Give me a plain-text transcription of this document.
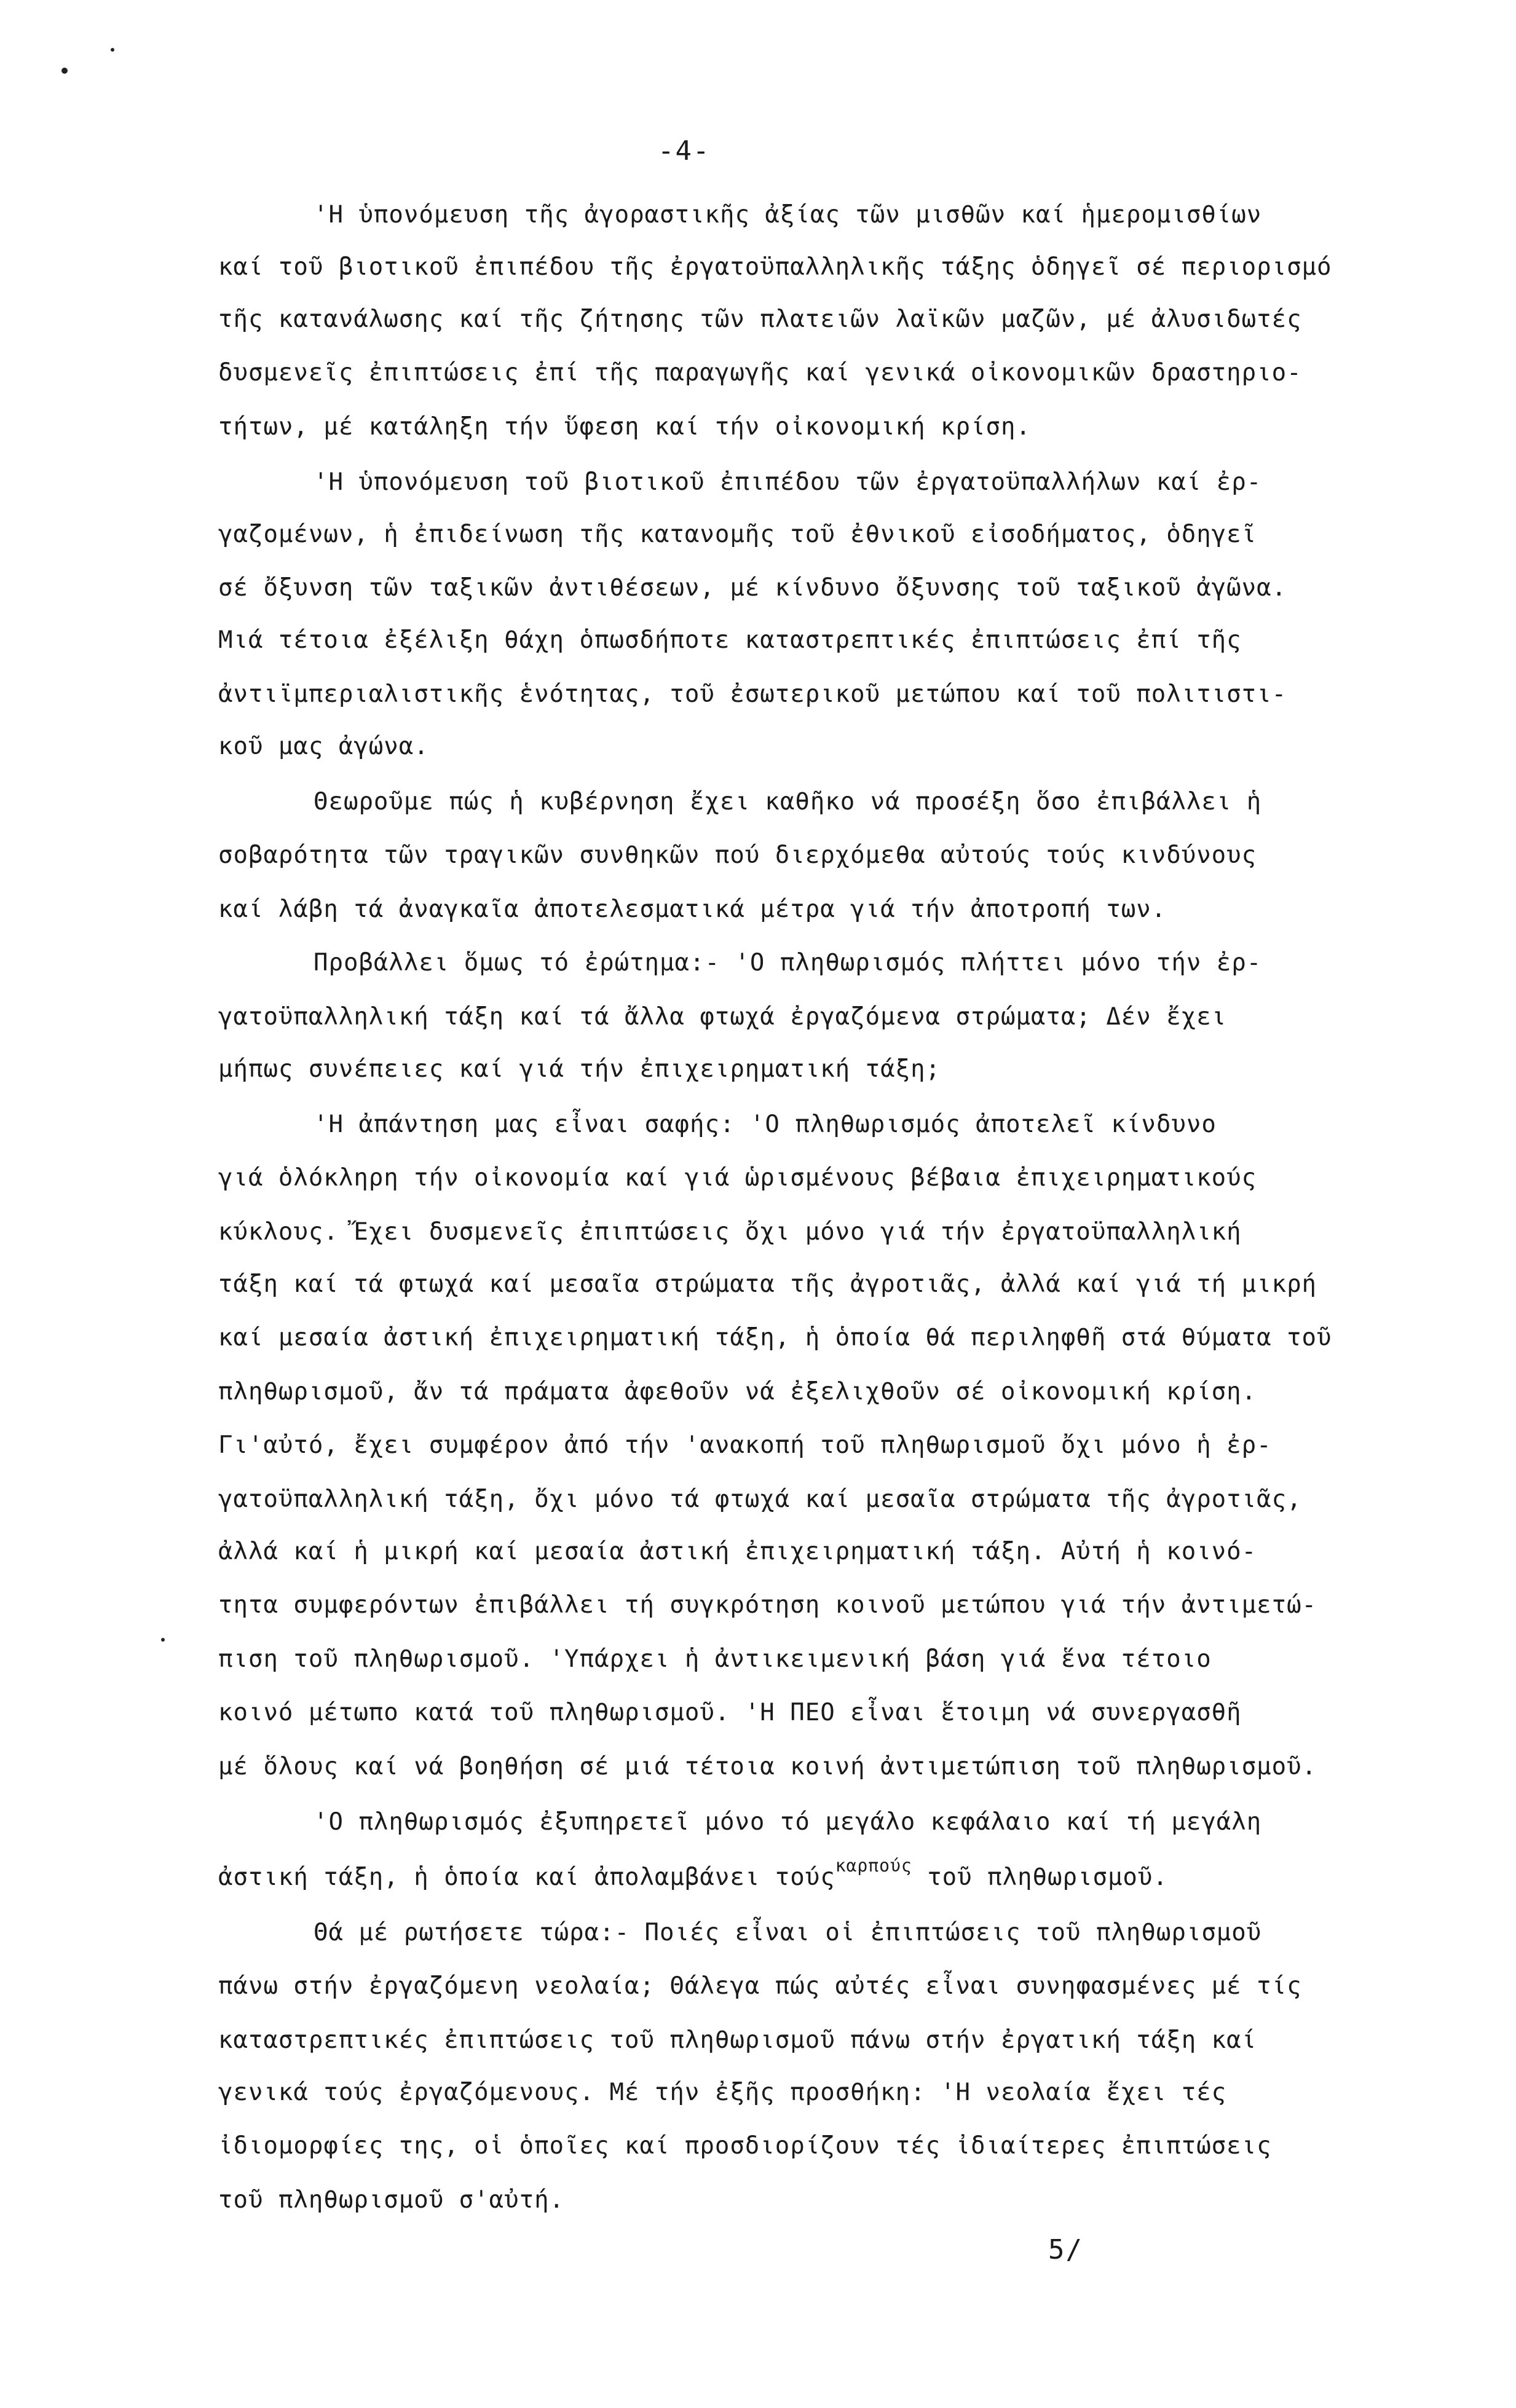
-4-
'Η ὑπονόμευση τῆς ἀγοραστικῆς ἀξίας τῶν μισθῶν καί ἡμερομισθίων
καί τοῦ βιοτικοῦ ἐπιπέδου τῆς ἐργατοϋπαλληλικῆς τάξης ὁδηγεῖ σέ περιορισμό
τῆς κατανάλωσης καί τῆς ζήτησης τῶν πλατειῶν λαϊκῶν μαζῶν, μέ ἀλυσιδωτές
δυσμενεῖς ἐπιπτώσεις ἐπί τῆς παραγωγῆς καί γενικά οἰκονομικῶν δραστηριο-
τήτων, μέ κατάληξη τήν ὕφεση καί τήν οἰκονομική κρίση.
'Η ὑπονόμευση τοῦ βιοτικοῦ ἐπιπέδου τῶν ἐργατοϋπαλλήλων καί ἐρ-
γαζομένων, ἡ ἐπιδείνωση τῆς κατανομῆς τοῦ ἐθνικοῦ εἰσοδήματος, ὁδηγεῖ
σέ ὄξυνση τῶν ταξικῶν ἀντιθέσεων, μέ κίνδυνο ὄξυνσης τοῦ ταξικοῦ ἀγῶνα.
Μιά τέτοια ἐξέλιξη θάχη ὁπωσδήποτε καταστρεπτικές ἐπιπτώσεις ἐπί τῆς
ἀντιϊμπεριαλιστικῆς ἑνότητας, τοῦ ἐσωτερικοῦ μετώπου καί τοῦ πολιτιστι-
κοῦ μας ἀγώνα.
Θεωροῦμε πώς ἡ κυβέρνηση ἔχει καθῆκο νά προσέξη ὅσο ἐπιβάλλει ἡ
σοβαρότητα τῶν τραγικῶν συνθηκῶν πού διερχόμεθα αὐτούς τούς κινδύνους
καί λάβη τά ἀναγκαῖα ἀποτελεσματικά μέτρα γιά τήν ἀποτροπή των.
Προβάλλει ὅμως τό ἐρώτημα:- 'Ο πληθωρισμός πλήττει μόνο τήν ἐρ-
γατοϋπαλληλική τάξη καί τά ἄλλα φτωχά ἐργαζόμενα στρώματα; Δέν ἔχει
μήπως συνέπειες καί γιά τήν ἐπιχειρηματική τάξη;
'Η ἀπάντηση μας εἶναι σαφής: 'Ο πληθωρισμός ἀποτελεῖ κίνδυνο
γιά ὁλόκληρη τήν οἰκονομία καί γιά ὡρισμένους βέβαια ἐπιχειρηματικούς
κύκλους. Ἔχει δυσμενεῖς ἐπιπτώσεις ὄχι μόνο γιά τήν ἐργατοϋπαλληλική
τάξη καί τά φτωχά καί μεσαῖα στρώματα τῆς ἀγροτιᾶς, ἀλλά καί γιά τή μικρή
καί μεσαία ἀστική ἐπιχειρηματική τάξη, ἡ ὁποία θά περιληφθῆ στά θύματα τοῦ
πληθωρισμοῦ, ἄν τά πράματα ἀφεθοῦν νά ἐξελιχθοῦν σέ οἰκονομική κρίση.
Γι'αὐτό, ἔχει συμφέρον ἀπό τήν 'ανακοπή τοῦ πληθωρισμοῦ ὄχι μόνο ἡ ἐρ-
γατοϋπαλληλική τάξη, ὄχι μόνο τά φτωχά καί μεσαῖα στρώματα τῆς ἀγροτιᾶς,
ἀλλά καί ἡ μικρή καί μεσαία ἀστική ἐπιχειρηματική τάξη. Αὐτή ἡ κοινό-
τητα συμφερόντων ἐπιβάλλει τή συγκρότηση κοινοῦ μετώπου γιά τήν ἀντιμετώ-
πιση τοῦ πληθωρισμοῦ. 'Υπάρχει ἡ ἀντικειμενική βάση γιά ἕνα τέτοιο
κοινό μέτωπο κατά τοῦ πληθωρισμοῦ. 'Η ΠΕΟ εἶναι ἕτοιμη νά συνεργασθῆ
μέ ὅλους καί νά βοηθήση σέ μιά τέτοια κοινή ἀντιμετώπιση τοῦ πληθωρισμοῦ.
'Ο πληθωρισμός ἐξυπηρετεῖ μόνο τό μεγάλο κεφάλαιο καί τή μεγάλη
ἀστική τάξη, ἡ ὁποία καί ἀπολαμβάνει τούς$^{\kappa\alpha\rho\pi oύ\varsigma}$ τοῦ πληθωρισμοῦ.
Θά μέ ρωτήσετε τώρα:- Ποιές εἶναι οἱ ἐπιπτώσεις τοῦ πληθωρισμοῦ
πάνω στήν ἐργαζόμενη νεολαία; Θάλεγα πώς αὐτές εἶναι συνηφασμένες μέ τίς
καταστρεπτικές ἐπιπτώσεις τοῦ πληθωρισμοῦ πάνω στήν ἐργατική τάξη καί
γενικά τούς ἐργαζόμενους. Μέ τήν ἐξῆς προσθήκη: 'Η νεολαία ἔχει τές
ἰδιομορφίες της, οἱ ὁποῖες καί προσδιορίζουν τές ἰδιαίτερες ἐπιπτώσεις
τοῦ πληθωρισμοῦ σ'αὐτή.
5/
